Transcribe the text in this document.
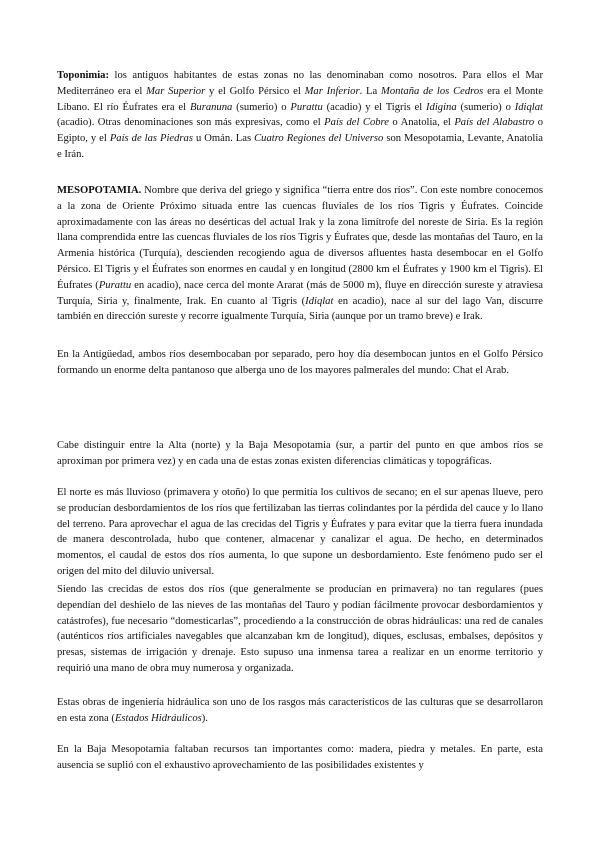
Toponimia: los antiguos habitantes de estas zonas no las denominaban como nosotros. Para ellos el Mar Mediterráneo era el Mar Superior y el Golfo Pérsico el Mar Inferior. La Montaña de los Cedros era el Monte Líbano. El río Éufrates era el Buranuna (sumerio) o Purattu (acadio) y el Tigris el Idigina (sumerio) o Idiqlat (acadio). Otras denominaciones son más expresivas, como el País del Cobre o Anatolia, el País del Alabastro o Egipto, y el País de las Piedras u Omán. Las Cuatro Regiones del Universo son Mesopotamia, Levante, Anatolia e Irán.

MESOPOTAMIA. Nombre que deriva del griego y significa “tierra entre dos ríos”. Con este nombre conocemos a la zona de Oriente Próximo situada entre las cuencas fluviales de los ríos Tigris y Éufrates. Coincide aproximadamente con las áreas no desérticas del actual Irak y la zona limítrofe del noreste de Siria. Es la región llana comprendida entre las cuencas fluviales de los ríos Tigris y Éufrates que, desde las montañas del Tauro, en la Armenia histórica (Turquía), descienden recogiendo agua de diversos afluentes hasta desembocar en el Golfo Pérsico. El Tigris y el Éufrates son enormes en caudal y en longitud (2800 km el Éufrates y 1900 km el Tigris). El Éufrates (Purattu en acadio), nace cerca del monte Ararat (más de 5000 m), fluye en dirección sureste y atraviesa Turquía, Siria y, finalmente, Irak. En cuanto al Tigris (Idiqlat en acadio), nace al sur del lago Van, discurre también en dirección sureste y recorre igualmente Turquía, Siria (aunque por un tramo breve) e Irak.

En la Antigüedad, ambos ríos desembocaban por separado, pero hoy día desembocan juntos en el Golfo Pérsico formando un enorme delta pantanoso que alberga uno de los mayores palmerales del mundo: Chat el Arab.

Cabe distinguir entre la Alta (norte) y la Baja Mesopotamia (sur, a partir del punto en que ambos ríos se aproximan por primera vez) y en cada una de estas zonas existen diferencias climáticas y topográficas.

El norte es más lluvioso (primavera y otoño) lo que permitía los cultivos de secano; en el sur apenas llueve, pero se producían desbordamientos de los ríos que fertilizaban las tierras colindantes por la pérdida del cauce y lo llano del terreno. Para aprovechar el agua de las crecidas del Tigris y Éufrates y para evitar que la tierra fuera inundada de manera descontrolada, hubo que contener, almacenar y canalizar el agua. De hecho, en determinados momentos, el caudal de estos dos ríos aumenta, lo que supone un desbordamiento. Este fenómeno pudo ser el origen del mito del diluvio universal.

Siendo las crecidas de estos dos ríos (que generalmente se producían en primavera) no tan regulares (pues dependían del deshielo de las nieves de las montañas del Tauro y podían fácilmente provocar desbordamientos y catástrofes), fue necesario “domesticarlas”, procediendo a la construcción de obras hidráulicas: una red de canales (auténticos ríos artificiales navegables que alcanzaban km de longitud), diques, esclusas, embalses, depósitos y presas, sistemas de irrigación y drenaje. Esto supuso una inmensa tarea a realizar en un enorme territorio y requirió una mano de obra muy numerosa y organizada.

Estas obras de ingeniería hidráulica son uno de los rasgos más característicos de las culturas que se desarrollaron en esta zona (Estados Hidráulicos).

En la Baja Mesopotamia faltaban recursos tan importantes como: madera, piedra y metales. En parte, esta ausencia se suplió con el exhaustivo aprovechamiento de las posibilidades existentes y
